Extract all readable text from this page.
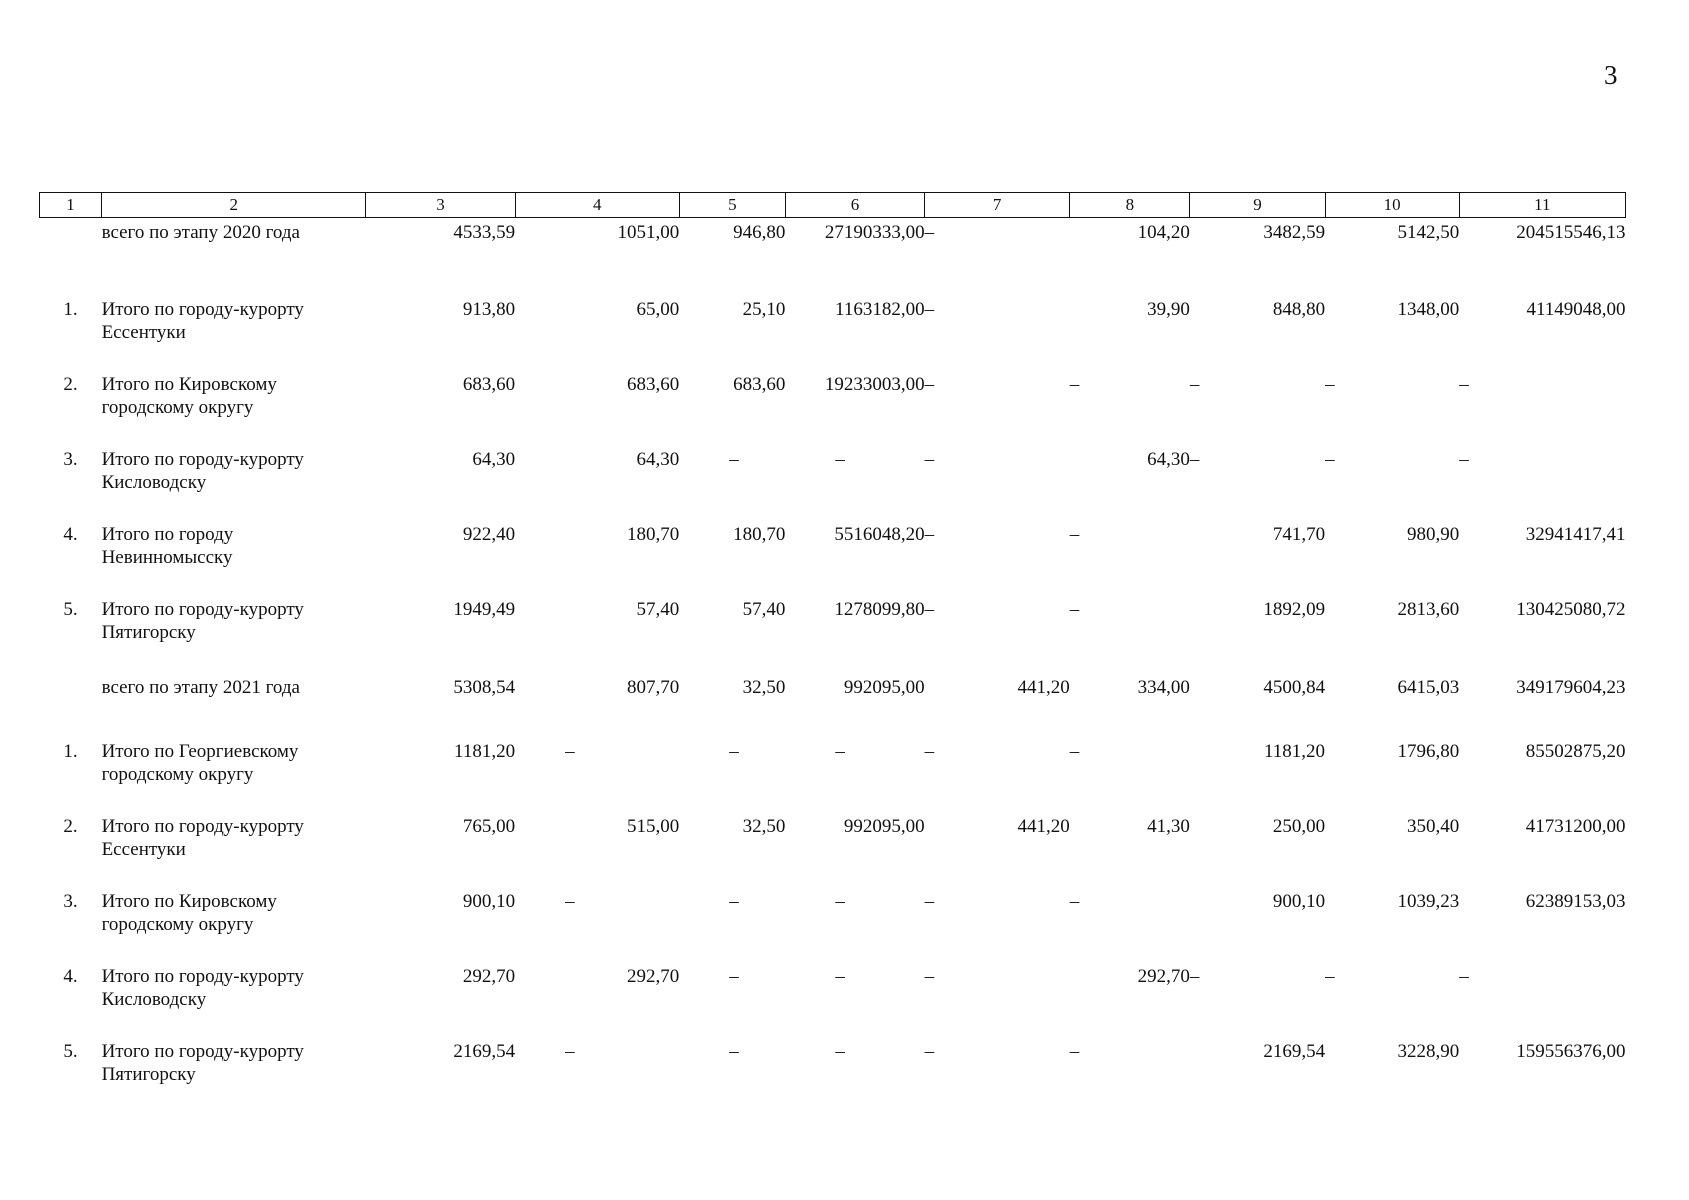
3
1	2	3	4	5	6	7	8	9	10	11
	всего по этапу 2020 года	4533,59	1051,00	946,80	27190333,00	–	104,20	3482,59	5142,50	204515546,13
1.	Итого по городу-курорту Ессентуки	913,80	65,00	25,10	1163182,00	–	39,90	848,80	1348,00	41149048,00
2.	Итого по Кировскому городскому округу	683,60	683,60	683,60	19233003,00	–	–	–	–	–
3.	Итого по городу-курорту Кисловодску	64,30	64,30	–	–	–	64,30	–	–	–
4.	Итого по городу Невинномысску	922,40	180,70	180,70	5516048,20	–	–	741,70	980,90	32941417,41
5.	Итого по городу-курорту Пятигорску	1949,49	57,40	57,40	1278099,80	–	–	1892,09	2813,60	130425080,72
	всего по этапу 2021 года	5308,54	807,70	32,50	992095,00	441,20	334,00	4500,84	6415,03	349179604,23
1.	Итого по Георгиевскому городскому округу	1181,20	–	–	–	–	–	1181,20	1796,80	85502875,20
2.	Итого по городу-курорту Ессентуки	765,00	515,00	32,50	992095,00	441,20	41,30	250,00	350,40	41731200,00
3.	Итого по Кировскому городскому округу	900,10	–	–	–	–	–	900,10	1039,23	62389153,03
4.	Итого по городу-курорту Кисловодску	292,70	292,70	–	–	–	292,70	–	–	–
5.	Итого по городу-курорту Пятигорску	2169,54	–	–	–	–	–	2169,54	3228,90	159556376,00
